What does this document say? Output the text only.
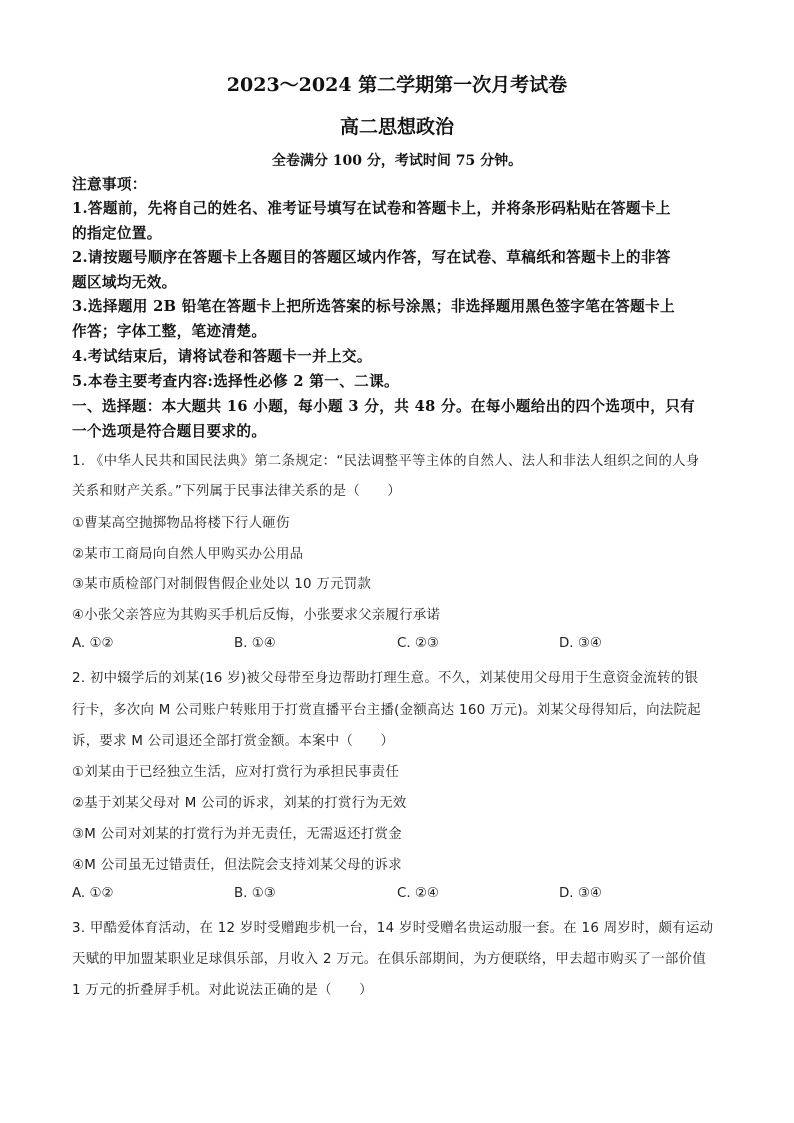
2023～2024 第二学期第一次月考试卷
高二思想政治
全卷满分 100 分，考试时间 75 分钟。
注意事项：
1.答题前，先将自己的姓名、准考证号填写在试卷和答题卡上，并将条形码粘贴在答题卡上
的指定位置。
2.请按题号顺序在答题卡上各题目的答题区域内作答，写在试卷、草稿纸和答题卡上的非答
题区域均无效。
3.选择题用 2B 铅笔在答题卡上把所选答案的标号涂黑；非选择题用黑色签字笔在答题卡上
作答；字体工整，笔迹清楚。
4.考试结束后，请将试卷和答题卡一并上交。
5.本卷主要考查内容:选择性必修 2 第一、二课。
一、选择题：本大题共 16 小题，每小题 3 分，共 48 分。在每小题给出的四个选项中，只有
一个选项是符合题目要求的。
1. 《中华人民共和国民法典》第二条规定：“民法调整平等主体的自然人、法人和非法人组织之间的人身
关系和财产关系。”下列属于民事法律关系的是（　　）
①曹某高空抛掷物品将楼下行人砸伤
②某市工商局向自然人甲购买办公用品
③某市质检部门对制假售假企业处以 10 万元罚款
④小张父亲答应为其购买手机后反悔，小张要求父亲履行承诺
A. ①②	B. ①④	C. ②③	D. ③④
2. 初中辍学后的刘某(16 岁)被父母带至身边帮助打理生意。不久，刘某使用父母用于生意资金流转的银
行卡，多次向 M 公司账户转账用于打赏直播平台主播(金额高达 160 万元)。刘某父母得知后，向法院起
诉，要求 M 公司退还全部打赏金额。本案中（　　）
①刘某由于已经独立生活，应对打赏行为承担民事责任
②基于刘某父母对 M 公司的诉求，刘某的打赏行为无效
③M 公司对刘某的打赏行为并无责任，无需返还打赏金
④M 公司虽无过错责任，但法院会支持刘某父母的诉求
A. ①②	B. ①③	C. ②④	D. ③④
3. 甲酷爱体育活动，在 12 岁时受赠跑步机一台，14 岁时受赠名贵运动服一套。在 16 周岁时，颇有运动
天赋的甲加盟某职业足球俱乐部，月收入 2 万元。在俱乐部期间，为方便联络，甲去超市购买了一部价值
1 万元的折叠屏手机。对此说法正确的是（　　）
